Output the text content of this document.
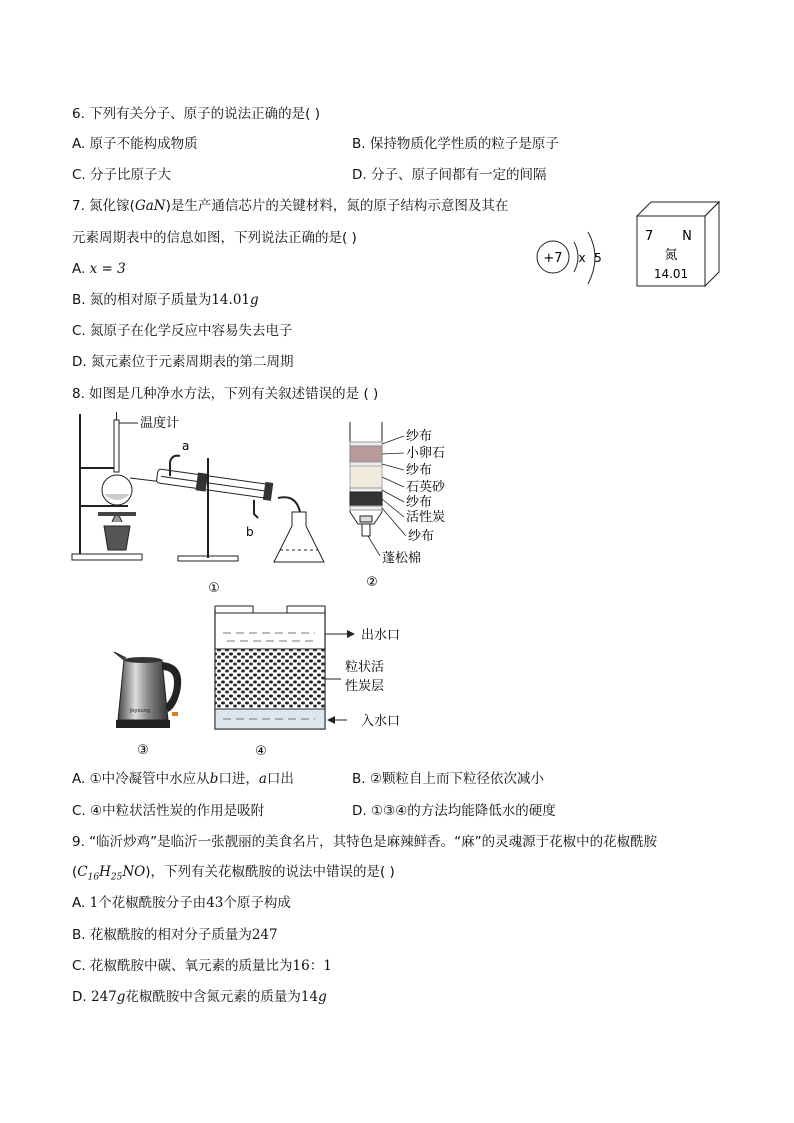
6. 下列有关分子、原子的说法正确的是( )
A. 原子不能构成物质	B. 保持物质化学性质的粒子是原子
C. 分子比原子大	D. 分子、原子间都有一定的间隔
7. 氮化镓(GaN)是生产通信芯片的关键材料，氮的原子结构示意图及其在
元素周期表中的信息如图，下列说法正确的是( )
A. x = 3
B. 氮的相对原子质量为14.01g
C. 氮原子在化学反应中容易失去电子
D. 氮元素位于元素周期表的第二周期
+7 x 5
7 N
氮
14.01
8. 如图是几种净水方法，下列有关叙述错误的是 ( )
温度计
a
b
①
纱布
小卵石
纱布
石英砂
纱布
活性炭
纱布
蓬松棉
②
Joyoung
③
出水口
粒状活
性炭层
入水口
④
A. ①中冷凝管中水应从b口进，a口出	B. ②颗粒自上而下粒径依次减小
C. ④中粒状活性炭的作用是吸附	D. ①③④的方法均能降低水的硬度
9. “临沂炒鸡”是临沂一张靓丽的美食名片，其特色是麻辣鲜香。“麻”的灵魂源于花椒中的花椒酰胺
$(C_{16}H_{25}NO)$，下列有关花椒酰胺的说法中错误的是( )
A. 1个花椒酰胺分子由43个原子构成
B. 花椒酰胺的相对分子质量为247
C. 花椒酰胺中碳、氧元素的质量比为16：1
D. 247g花椒酰胺中含氮元素的质量为14g
